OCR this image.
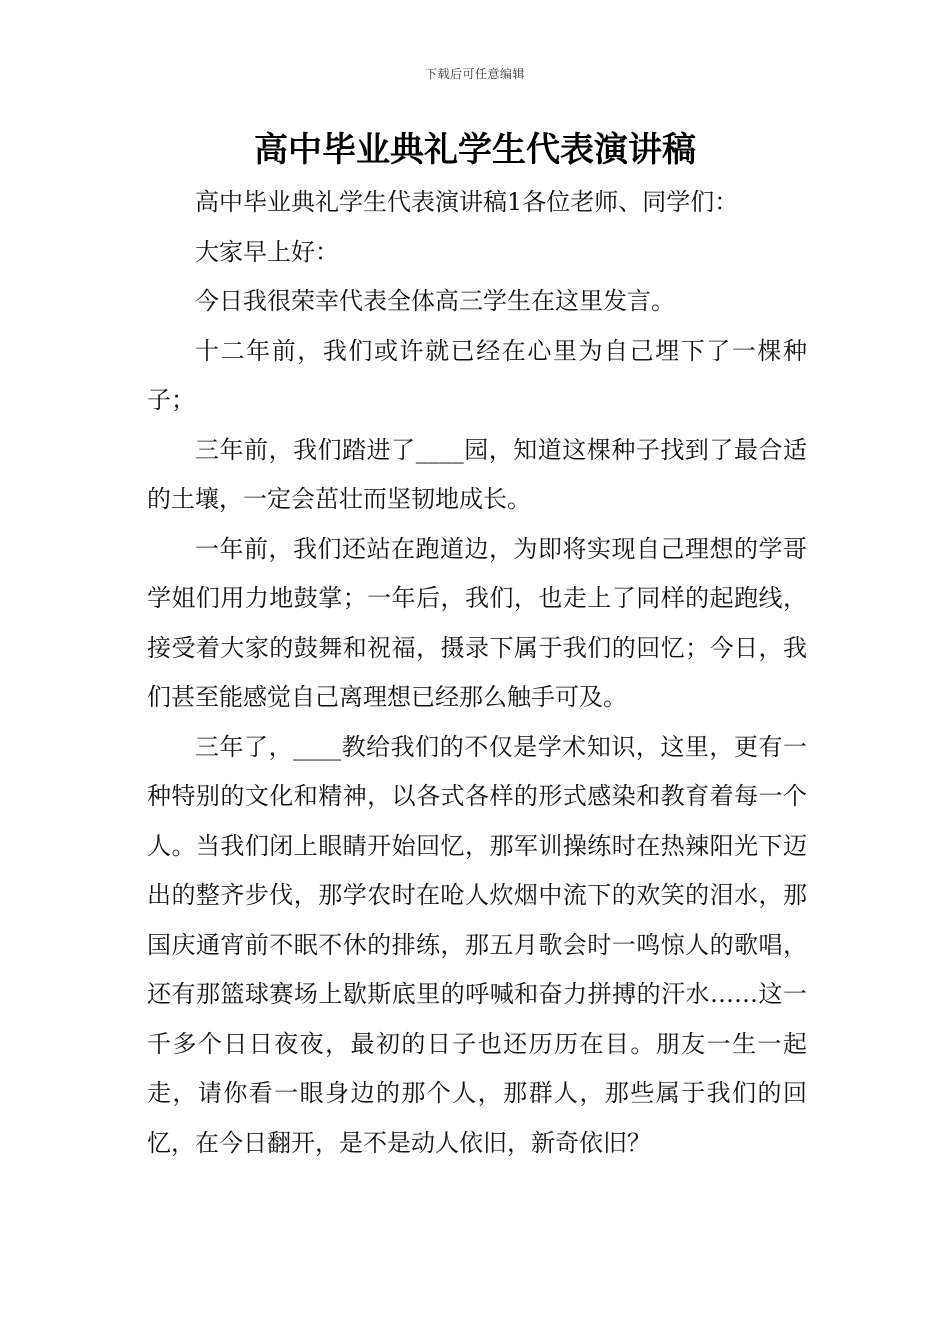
下载后可任意编辑
高中毕业典礼学生代表演讲稿

高中毕业典礼学生代表演讲稿1各位老师、同学们：

大家早上好：

今日我很荣幸代表全体高三学生在这里发言。

十二年前，我们或许就已经在心里为自己埋下了一棵种子；

三年前，我们踏进了____园，知道这棵种子找到了最合适的土壤，一定会茁壮而坚韧地成长。

一年前，我们还站在跑道边，为即将实现自己理想的学哥学姐们用力地鼓掌；一年后，我们，也走上了同样的起跑线，接受着大家的鼓舞和祝福，摄录下属于我们的回忆；今日，我们甚至能感觉自己离理想已经那么触手可及。

三年了，____教给我们的不仅是学术知识，这里，更有一种特别的文化和精神，以各式各样的形式感染和教育着每一个人。当我们闭上眼睛开始回忆，那军训操练时在热辣阳光下迈出的整齐步伐，那学农时在呛人炊烟中流下的欢笑的泪水，那国庆通宵前不眠不休的排练，那五月歌会时一鸣惊人的歌唱，还有那篮球赛场上歇斯底里的呼喊和奋力拼搏的汗水……这一千多个日日夜夜，最初的日子也还历历在目。朋友一生一起走，请你看一眼身边的那个人，那群人，那些属于我们的回忆，在今日翻开，是不是动人依旧，新奇依旧？
